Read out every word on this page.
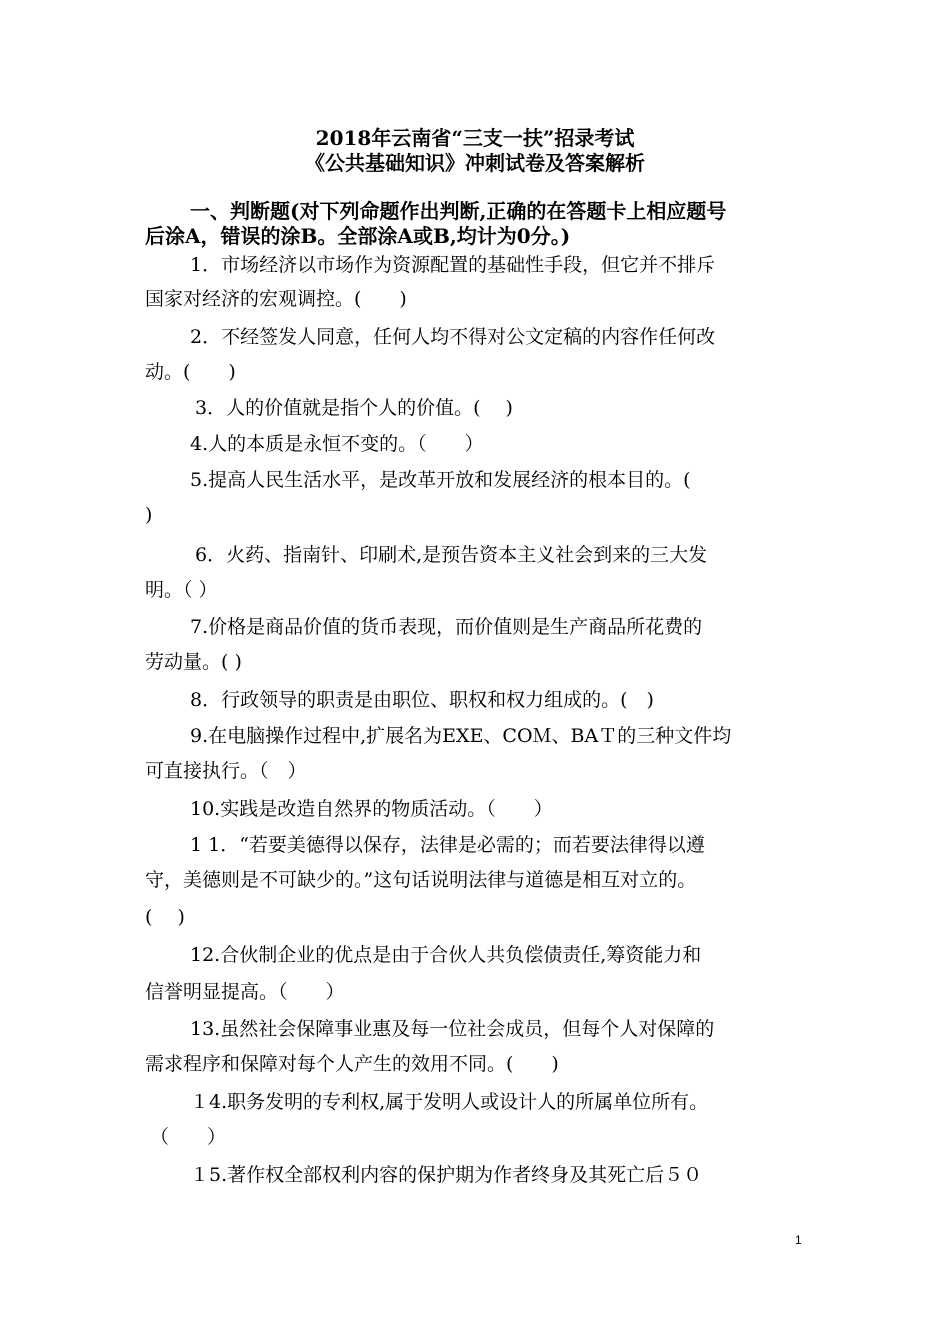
2018年云南省“三支一扶”招录考试
《公共基础知识》冲刺试卷及答案解析
一、判断题(对下列命题作出判断,正确的在答题卡上相应题号
后涂A，错误的涂B。全部涂A或B,均计为0分。)
1．市场经济以市场作为资源配置的基础性手段，但它并不排斥
国家对经济的宏观调控。(　　)
2．不经签发人同意，任何人均不得对公文定稿的内容作任何改
动。(　　)
3．人的价值就是指个人的价值。(　 )
4.人的本质是永恒不变的。（　　）
5.提高人民生活水平，是改革开放和发展经济的根本目的。(
)
6．火药、指南针、印刷术,是预告资本主义社会到来的三大发
明。（ ）
7.价格是商品价值的货币表现，而价值则是生产商品所花费的
劳动量。( )
8．行政领导的职责是由职位、职权和权力组成的。(　)
9.在电脑操作过程中,扩展名为EXE、COＭ、BAＴ的三种文件均
可直接执行。（　）
10.实践是改造自然界的物质活动。（　　）
1 1．“若要美德得以保存，法律是必需的；而若要法律得以遵
守，美德则是不可缺少的。”这句话说明法律与道德是相互对立的。
(　 )
12.合伙制企业的优点是由于合伙人共负偿债责任,筹资能力和
信誉明显提高。（　　）
13.虽然社会保障事业惠及每一位社会成员，但每个人对保障的
需求程序和保障对每个人产生的效用不同。(　　)
１4.职务发明的专利权,属于发明人或设计人的所属单位所有。
（　　）
１5.著作权全部权利内容的保护期为作者终身及其死亡后５０
1
